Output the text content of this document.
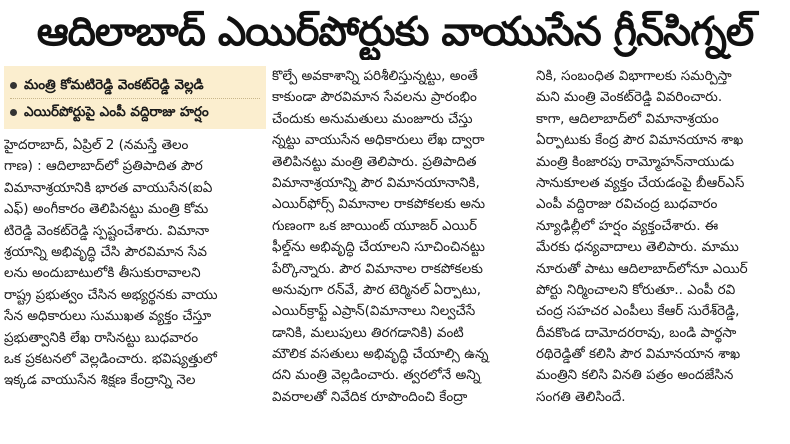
ఆదిలాబాద్ ఎయిర్‌పోర్టుకు వాయుసేన గ్రీన్‌సిగ్నల్
మంత్రి కోమటిరెడ్డి వెంకట్‌రెడ్డి వెల్లడి
ఎయిర్‌పోర్టుపై ఎంపీ వద్దిరాజు హర్షం
హైదరాబాద్, ఏప్రిల్ 2 (నమస్తే తెలం
గాణ) : ఆదిలాబాద్‌లో ప్రతిపాదిత పౌర
విమానాశ్రయానికి భారత వాయుసేన(ఐఏ
ఎఫ్) అంగీకారం తెలిపినట్టు మంత్రి కోమ
టిరెడ్డి వెంకట్‌రెడ్డి స్పష్టంచేశారు. విమానా
శ్రయాన్ని అభివృద్ధి చేసి పౌరవిమాన సేవ
లను అందుబాటులోకి తీసుకురావాలని
రాష్ట్ర ప్రభుత్వం చేసిన అభ్యర్థనకు వాయు
సేన అధికారులు సుముఖత వ్యక్తం చేస్తూ
ప్రభుత్వానికి లేఖ రాసినట్టు బుధవారం
ఒక ప్రకటనలో వెల్లడించారు. భవిష్యత్తులో
ఇక్కడ వాయుసేన శిక్షణ కేంద్రాన్ని నెల
కొల్పే అవకాశాన్ని పరిశీలిస్తున్నట్టు, అంతే
కాకుండా పౌరవిమాన సేవలను ప్రారంభిం
చేందుకు అనుమతులు మంజూరు చేస్తు
న్నట్టు వాయుసేన అధికారులు లేఖ ద్వారా
తెలిపినట్టు మంత్రి తెలిపారు. ప్రతిపాదిత
విమానాశ్రయాన్ని పౌర విమానయానానికి,
ఎయిర్‌ఫోర్స్ విమానాల రాకపోకలకు అను
గుణంగా ఒక జాయింట్ యూజర్ ఎయిర్
ఫీల్డ్‌ను అభివృద్ధి చేయాలని సూచించినట్టు
పేర్కొన్నారు. పౌర విమానాల రాకపోకలకు
అనువుగా రన్‌వే, పౌర టెర్మినల్ ఏర్పాటు,
ఎయిర్‌క్రాఫ్ట్ ఎప్రాన్(విమానాలు నిల్వచేసే
డానికి, మలుపులు తిరగడానికి) వంటి
మౌలిక వసతులు అభివృద్ధి చేయాల్సి ఉన్న
దని మంత్రి వెల్లడించారు. త్వరలోనే అన్ని
వివరాలతో నివేదిక రూపొందించి కేంద్రా
నికి, సంబంధిత విభాగాలకు సమర్పిస్తా
మని మంత్రి వెంకట్‌రెడ్డి వివరించారు.
కాగా, ఆదిలాబాద్‌లో విమానాశ్రయం
ఏర్పాటుకు కేంద్ర పౌర విమానయాన శాఖ
మంత్రి కింజారపు రామ్మోహన్‌నాయుడు
సానుకూలత వ్యక్తం చేయడంపై బీఆర్‌ఎస్
ఎంపీ వద్దిరాజు రవిచంద్ర బుధవారం
న్యూఢిల్లీలో హర్షం వ్యక్తంచేశారు. ఈ
మేరకు ధన్యవాదాలు తెలిపారు. మాము
నూరుతో పాటు ఆదిలాబాద్‌లోనూ ఎయిర్
పోర్టు నిర్మించాలని కోరుతూ.. ఎంపీ రవి
చంద్ర సహచర ఎంపీలు కేఆర్ సురేశ్‌రెడ్డి,
దీవకొండ దామోదరరావు, బండి పార్థసా
రథిరెడ్డితో కలిసి పౌర విమానయాన శాఖ
మంత్రిని కలిసి వినతి పత్రం అందజేసిన
సంగతి తెలిసిందే.
